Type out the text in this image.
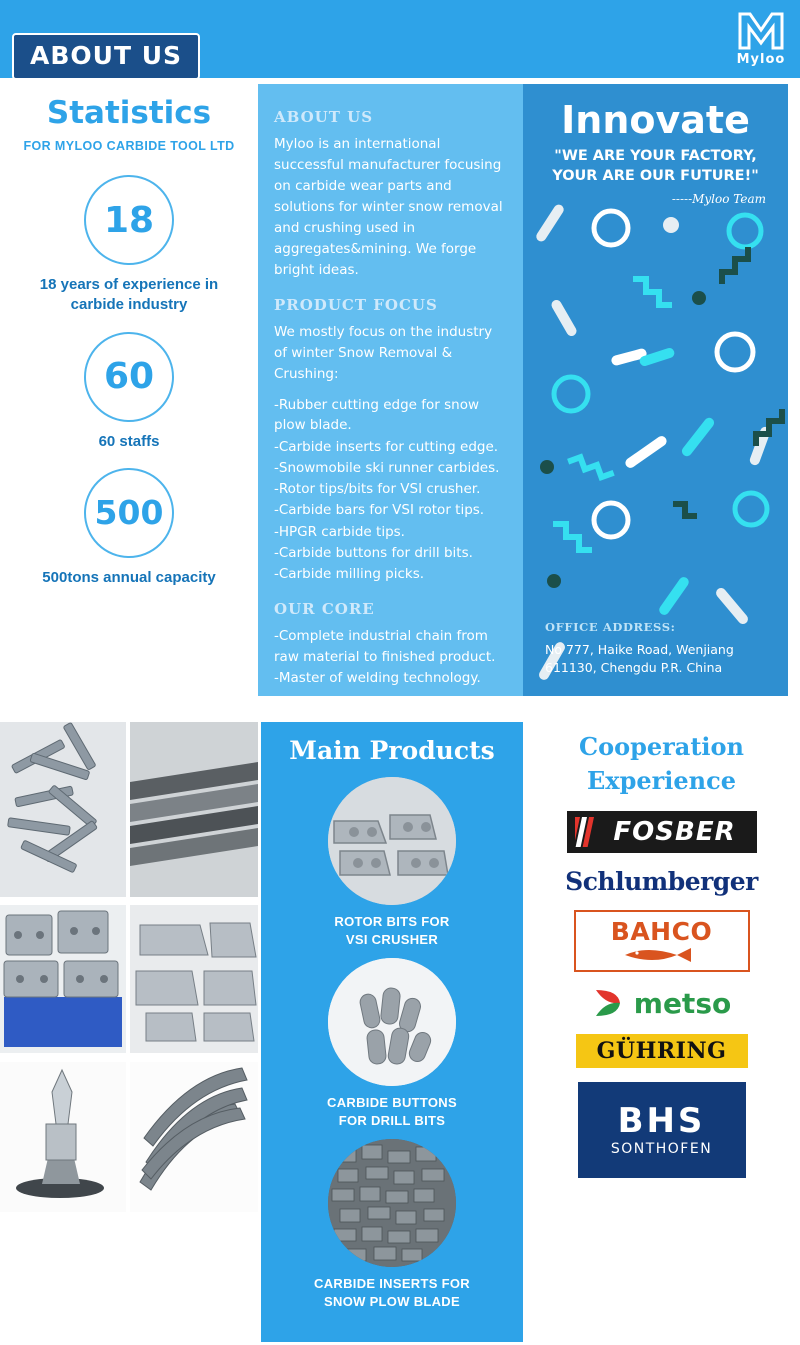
ABOUT US	Myloo

Statistics

FOR MYLOO CARBIDE TOOL LTD

18
18 years of experience in carbide industry
60
60 staffs
500
500tons annual capacity

ABOUT US

Myloo is an international successful manufacturer focusing on carbide wear parts and solutions for winter snow removal and crushing used in aggregates&mining. We forge bright ideas.

PRODUCT FOCUS

We mostly focus on the industry of winter Snow Removal & Crushing:

-Rubber cutting edge for snow plow blade.
-Carbide inserts for cutting edge.
-Snowmobile ski runner carbides.
-Rotor tips/bits for VSI crusher.
-Carbide bars for VSI rotor tips.
-HPGR carbide tips.
-Carbide buttons for drill bits.
-Carbide milling picks.

OUR CORE

-Complete industrial chain from raw material to finished product.
-Master of welding technology.

Innovate

"WE ARE YOUR FACTORY,
YOUR ARE OUR FUTURE!"
-----Myloo Team
OFFICE ADDRESS:
No 777, Haike Road, Wenjiang
611130, Chengdu P.R. China

Main Products

ROTOR BITS FOR
VSI CRUSHER
CARBIDE BUTTONS
FOR DRILL BITS
CARBIDE INSERTS FOR
SNOW PLOW BLADE

Cooperation
Experience

FOSBER
Schlumberger
BAHCO
metso
GÜHRING
BHS
SONTHOFEN
